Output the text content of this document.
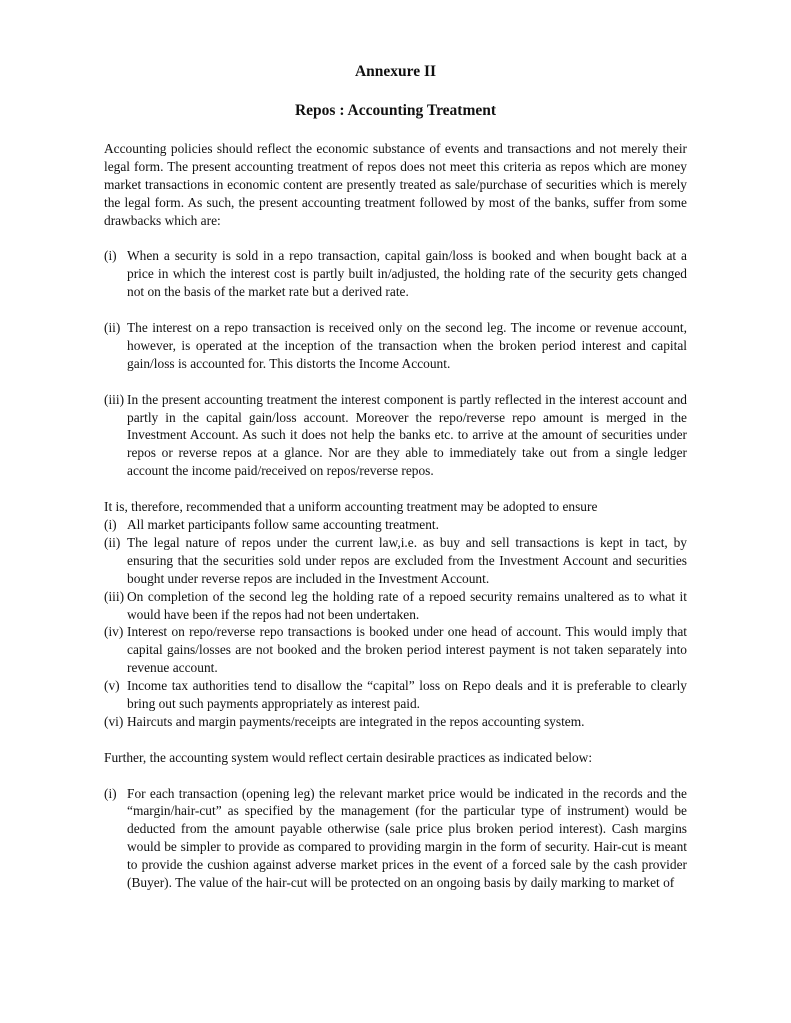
Annexure II
Repos : Accounting Treatment

Accounting policies should reflect the economic substance of events and transactions and not merely their legal form. The present accounting treatment of repos does not meet this criteria as repos which are money market transactions in economic content are presently treated as sale/purchase of securities which is merely the legal form. As such, the present accounting treatment followed by most of the banks, suffer from some drawbacks which are:

(i) When a security is sold in a repo transaction, capital gain/loss is booked and when bought back at a price in which the interest cost is partly built in/adjusted, the holding rate of the security gets changed not on the basis of the market rate but a derived rate.
(ii) The interest on a repo transaction is received only on the second leg. The income or revenue account, however, is operated at the inception of the transaction when the broken period interest and capital gain/loss is accounted for. This distorts the Income Account.
(iii) In the present accounting treatment the interest component is partly reflected in the interest account and partly in the capital gain/loss account. Moreover the repo/reverse repo amount is merged in the Investment Account. As such it does not help the banks etc. to arrive at the amount of securities under repos or reverse repos at a glance. Nor are they able to immediately take out from a single ledger account the income paid/received on repos/reverse repos.

It is, therefore, recommended that a uniform accounting treatment may be adopted to ensure

(i) All market participants follow same accounting treatment.
(ii) The legal nature of repos under the current law,i.e. as buy and sell transactions is kept in tact, by ensuring that the securities sold under repos are excluded from the Investment Account and securities bought under reverse repos are included in the Investment Account.
(iii) On completion of the second leg the holding rate of a repoed security remains unaltered as to what it would have been if the repos had not been undertaken.
(iv) Interest on repo/reverse repo transactions is booked under one head of account. This would imply that capital gains/losses are not booked and the broken period interest payment is not taken separately into revenue account.
(v) Income tax authorities tend to disallow the “capital” loss on Repo deals and it is preferable to clearly bring out such payments appropriately as interest paid.
(vi) Haircuts and margin payments/receipts are integrated in the repos accounting system.

Further, the accounting system would reflect certain desirable practices as indicated below:

(i) For each transaction (opening leg) the relevant market price would be indicated in the records and the “margin/hair-cut” as specified by the management (for the particular type of instrument) would be deducted from the amount payable otherwise (sale price plus broken period interest). Cash margins would be simpler to provide as compared to providing margin in the form of security. Hair-cut is meant to provide the cushion against adverse market prices in the event of a forced sale by the cash provider (Buyer). The value of the hair-cut will be protected on an ongoing basis by daily marking to market of
